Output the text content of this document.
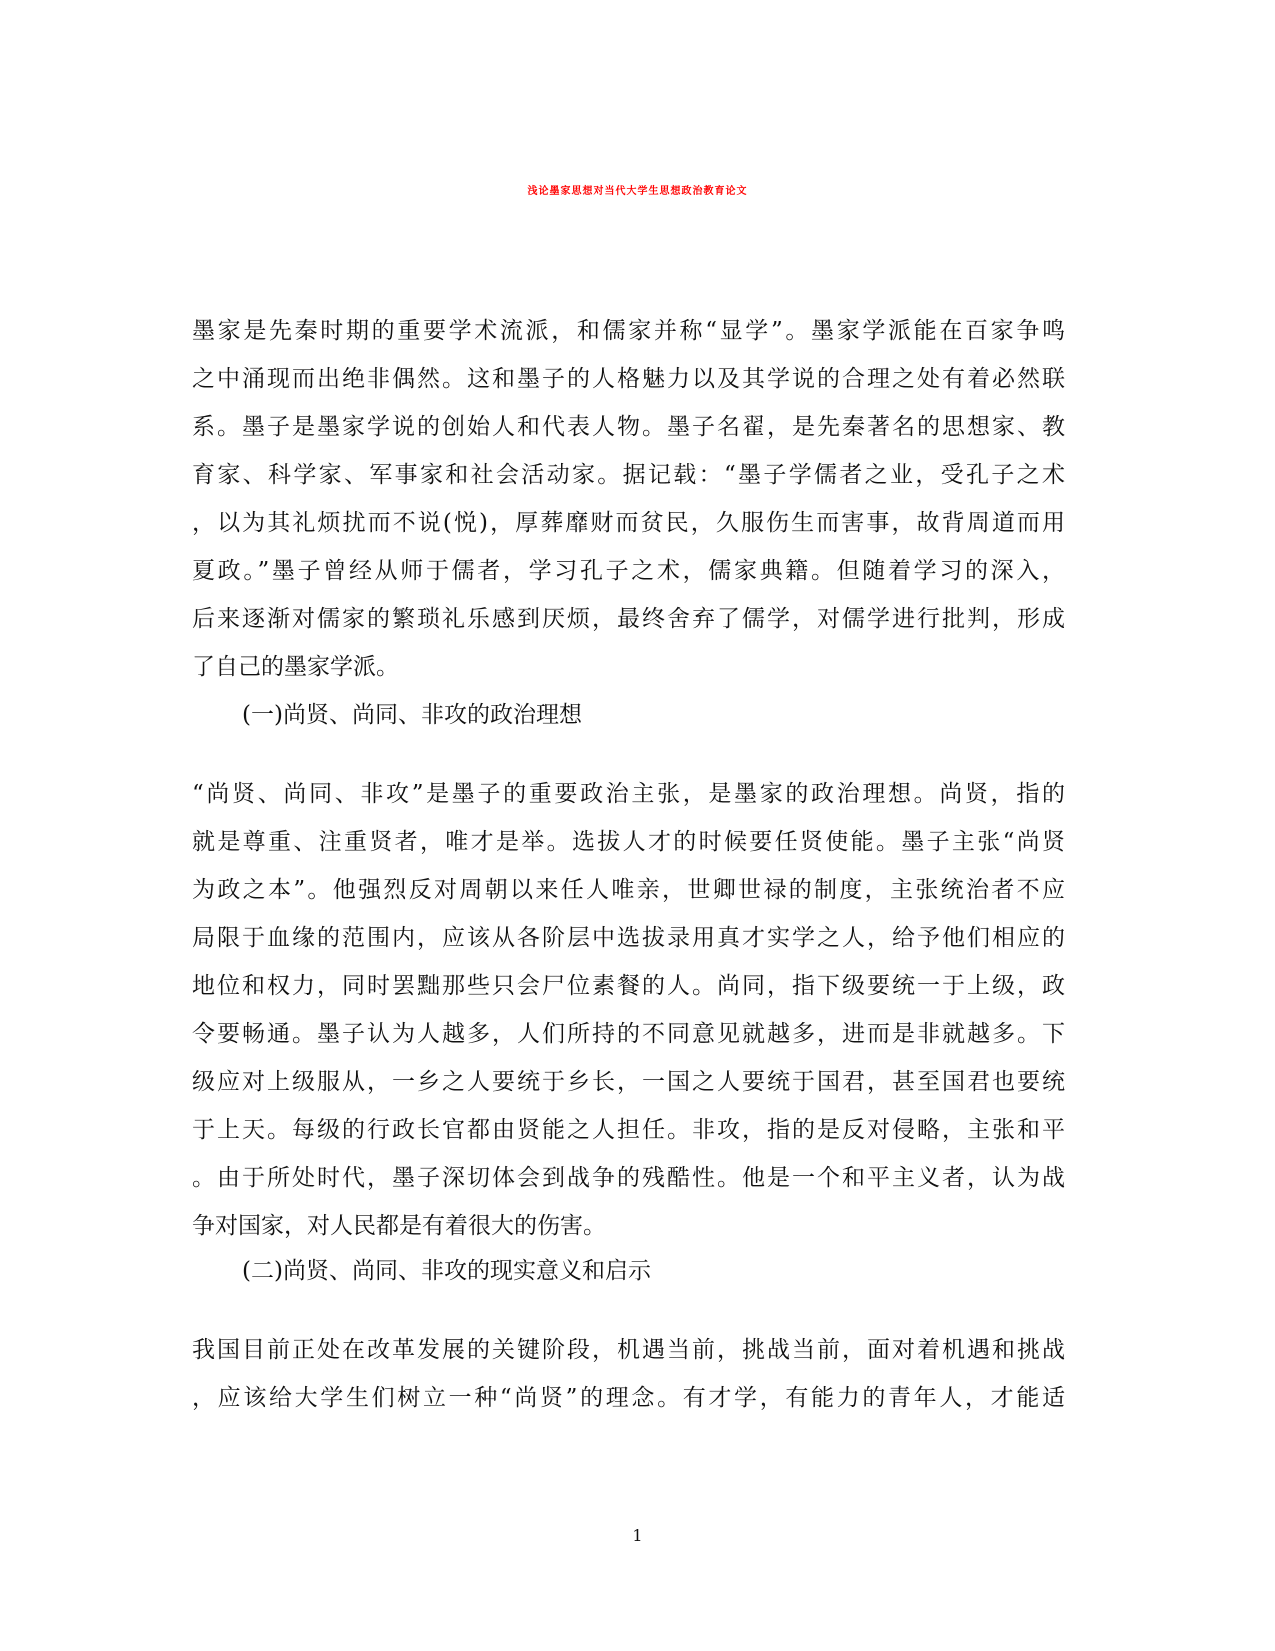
浅论墨家思想对当代大学生思想政治教育论文
墨家是先秦时期的重要学术流派，和儒家并称“显学”。墨家学派能在百家争鸣
之中涌现而出绝非偶然。这和墨子的人格魅力以及其学说的合理之处有着必然联
系。墨子是墨家学说的创始人和代表人物。墨子名翟，是先秦著名的思想家、教
育家、科学家、军事家和社会活动家。据记载：“墨子学儒者之业，受孔子之术
，以为其礼烦扰而不说(悦)，厚葬靡财而贫民，久服伤生而害事，故背周道而用
夏政。”墨子曾经从师于儒者，学习孔子之术，儒家典籍。但随着学习的深入，
后来逐渐对儒家的繁琐礼乐感到厌烦，最终舍弃了儒学，对儒学进行批判，形成
了自己的墨家学派。
(一)尚贤、尚同、非攻的政治理想
“尚贤、尚同、非攻”是墨子的重要政治主张，是墨家的政治理想。尚贤，指的
就是尊重、注重贤者，唯才是举。选拔人才的时候要任贤使能。墨子主张“尚贤
为政之本”。他强烈反对周朝以来任人唯亲，世卿世禄的制度，主张统治者不应
局限于血缘的范围内，应该从各阶层中选拔录用真才实学之人，给予他们相应的
地位和权力，同时罢黜那些只会尸位素餐的人。尚同，指下级要统一于上级，政
令要畅通。墨子认为人越多，人们所持的不同意见就越多，进而是非就越多。下
级应对上级服从，一乡之人要统于乡长，一国之人要统于国君，甚至国君也要统
于上天。每级的行政长官都由贤能之人担任。非攻，指的是反对侵略，主张和平
。由于所处时代，墨子深切体会到战争的残酷性。他是一个和平主义者，认为战
争对国家，对人民都是有着很大的伤害。
(二)尚贤、尚同、非攻的现实意义和启示
我国目前正处在改革发展的关键阶段，机遇当前，挑战当前，面对着机遇和挑战
，应该给大学生们树立一种“尚贤”的理念。有才学，有能力的青年人，才能适
1
